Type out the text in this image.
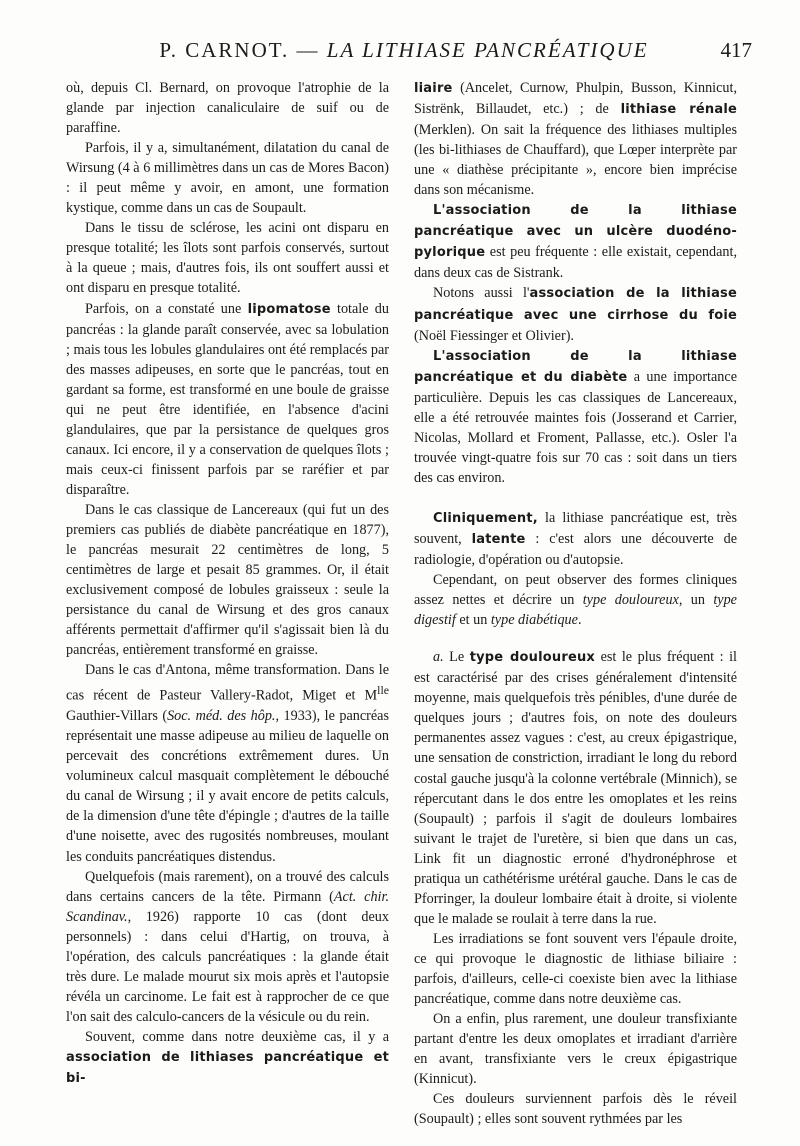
P. CARNOT. — LA LITHIASE PANCRÉATIQUE	417

où, depuis Cl. Bernard, on provoque l'atrophie de la glande par injection canaliculaire de suif ou de paraffine.

Parfois, il y a, simultanément, dilatation du canal de Wirsung (4 à 6 millimètres dans un cas de Mores Bacon) : il peut même y avoir, en amont, une formation kystique, comme dans un cas de Soupault.

Dans le tissu de sclérose, les acini ont disparu en presque totalité; les îlots sont parfois conservés, surtout à la queue ; mais, d'autres fois, ils ont souffert aussi et ont disparu en presque totalité.

Parfois, on a constaté une lipomatose totale du pancréas : la glande paraît conservée, avec sa lobulation ; mais tous les lobules glandulaires ont été remplacés par des masses adipeuses, en sorte que le pancréas, tout en gardant sa forme, est transformé en une boule de graisse qui ne peut être identifiée, en l'absence d'acini glandulaires, que par la persistance de quelques gros canaux. Ici encore, il y a conservation de quelques îlots ; mais ceux-ci finissent parfois par se raréfier et par disparaître.

Dans le cas classique de Lancereaux (qui fut un des premiers cas publiés de diabète pancréatique en 1877), le pancréas mesurait 22 centimètres de long, 5 centimètres de large et pesait 85 grammes. Or, il était exclusivement composé de lobules graisseux : seule la persistance du canal de Wirsung et des gros canaux afférents permettait d'affirmer qu'il s'agissait bien là du pancréas, entièrement transformé en graisse.

Dans le cas d'Antona, même transformation. Dans le cas récent de Pasteur Vallery-Radot, Miget et $M^{lle}$ Gauthier-Villars (Soc. méd. des hôp., 1933), le pancréas représentait une masse adipeuse au milieu de laquelle on percevait des concrétions extrêmement dures. Un volumineux calcul masquait complètement le débouché du canal de Wirsung ; il y avait encore de petits calculs, de la dimension d'une tête d'épingle ; d'autres de la taille d'une noisette, avec des rugosités nombreuses, moulant les conduits pancréatiques distendus.

Quelquefois (mais rarement), on a trouvé des calculs dans certains cancers de la tête. Pirmann (Act. chir. Scandinav., 1926) rapporte 10 cas (dont deux personnels) : dans celui d'Hartig, on trouva, à l'opération, des calculs pancréatiques : la glande était très dure. Le malade mourut six mois après et l'autopsie révéla un carcinome. Le fait est à rapprocher de ce que l'on sait des calculo-cancers de la vésicule ou du rein.

Souvent, comme dans notre deuxième cas, il y a association de lithiases pancréatique et bi-

liaire (Ancelet, Curnow, Phulpin, Busson, Kinnicut, Sistrënk, Billaudet, etc.) ; de lithiase rénale (Merklen). On sait la fréquence des lithiases multiples (les bi-lithiases de Chauffard), que Lœper interprète par une « diathèse précipitante », encore bien imprécise dans son mécanisme.

L'association de la lithiase pancréatique avec un ulcère duodéno-pylorique est peu fréquente : elle existait, cependant, dans deux cas de Sistrank.

Notons aussi l'association de la lithiase pancréatique avec une cirrhose du foie (Noël Fiessinger et Olivier).

L'association de la lithiase pancréatique et du diabète a une importance particulière. Depuis les cas classiques de Lancereaux, elle a été retrouvée maintes fois (Josserand et Carrier, Nicolas, Mollard et Froment, Pallasse, etc.). Osler l'a trouvée vingt-quatre fois sur 70 cas : soit dans un tiers des cas environ.

Cliniquement, la lithiase pancréatique est, très souvent, latente : c'est alors une découverte de radiologie, d'opération ou d'autopsie.

Cependant, on peut observer des formes cliniques assez nettes et décrire un type douloureux, un type digestif et un type diabétique.

a. Le type douloureux est le plus fréquent : il est caractérisé par des crises généralement d'intensité moyenne, mais quelquefois très pénibles, d'une durée de quelques jours ; d'autres fois, on note des douleurs permanentes assez vagues : c'est, au creux épigastrique, une sensation de constriction, irradiant le long du rebord costal gauche jusqu'à la colonne vertébrale (Minnich), se répercutant dans le dos entre les omoplates et les reins (Soupault) ; parfois il s'agit de douleurs lombaires suivant le trajet de l'uretère, si bien que dans un cas, Link fit un diagnostic erroné d'hydronéphrose et pratiqua un cathétérisme urétéral gauche. Dans le cas de Pforringer, la douleur lombaire était à droite, si violente que le malade se roulait à terre dans la rue.

Les irradiations se font souvent vers l'épaule droite, ce qui provoque le diagnostic de lithiase biliaire : parfois, d'ailleurs, celle-ci coexiste bien avec la lithiase pancréatique, comme dans notre deuxième cas.

On a enfin, plus rarement, une douleur transfixiante partant d'entre les deux omoplates et irradiant d'arrière en avant, transfixiante vers le creux épigastrique (Kinnicut).

Ces douleurs surviennent parfois dès le réveil (Soupault) ; elles sont souvent rythmées par les
